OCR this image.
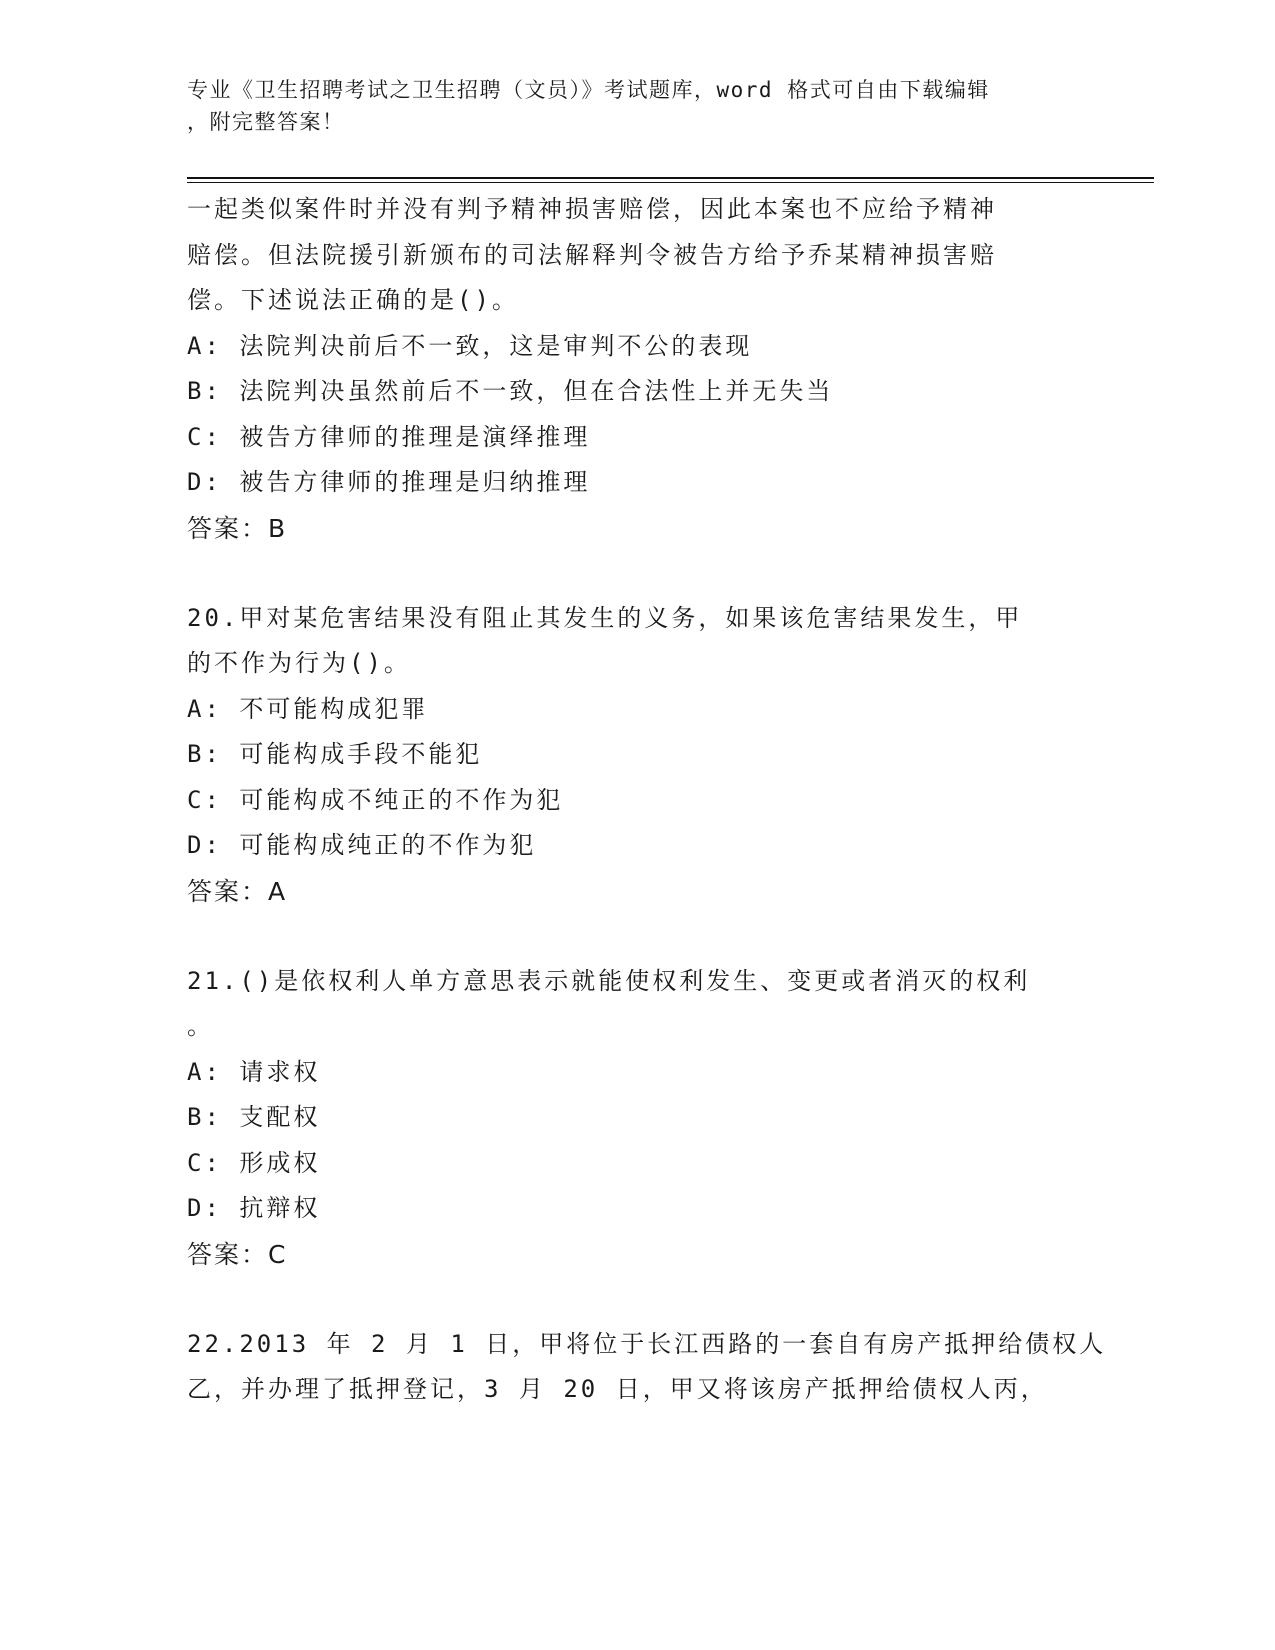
专业《卫生招聘考试之卫生招聘（文员）》考试题库，word 格式可自由下载编辑
，附完整答案！
一起类似案件时并没有判予精神损害赔偿，因此本案也不应给予精神
赔偿。但法院援引新颁布的司法解释判令被告方给予乔某精神损害赔
偿。下述说法正确的是()。
A: 法院判决前后不一致，这是审判不公的表现
B: 法院判决虽然前后不一致，但在合法性上并无失当
C: 被告方律师的推理是演绎推理
D: 被告方律师的推理是归纳推理
答案：B
20.甲对某危害结果没有阻止其发生的义务，如果该危害结果发生，甲
的不作为行为()。
A: 不可能构成犯罪
B: 可能构成手段不能犯
C: 可能构成不纯正的不作为犯
D: 可能构成纯正的不作为犯
答案：A
21.()是依权利人单方意思表示就能使权利发生、变更或者消灭的权利
。
A: 请求权
B: 支配权
C: 形成权
D: 抗辩权
答案：C
22.2013 年 2 月 1 日，甲将位于长江西路的一套自有房产抵押给债权人
乙，并办理了抵押登记，3 月 20 日，甲又将该房产抵押给债权人丙，
